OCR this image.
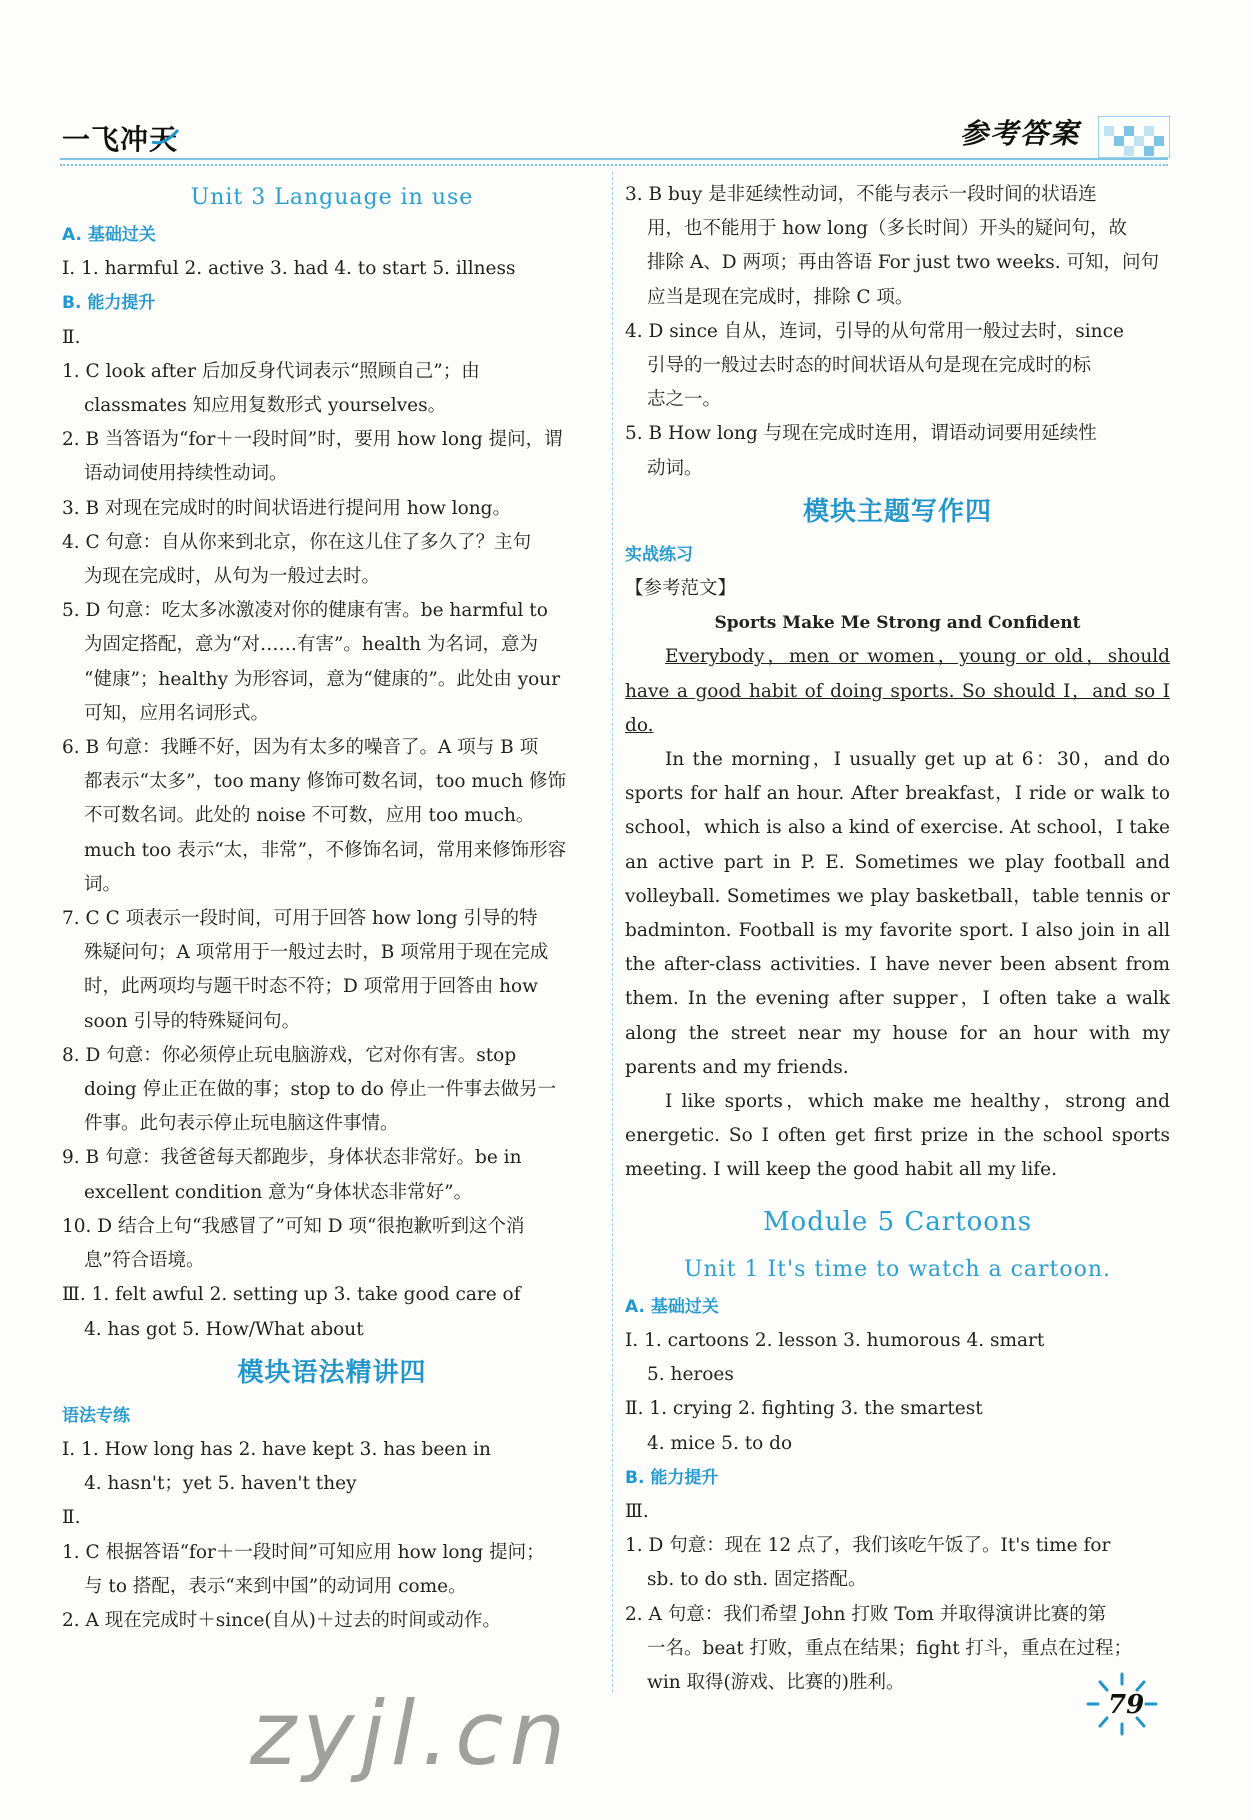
一飞冲天	参考答案
Unit 3 Language in use
A. 基础过关
Ⅰ. 1. harmful 2. active 3. had 4. to start 5. illness
B. 能力提升
Ⅱ.
1. C look after 后加反身代词表示“照顾自己”；由
classmates 知应用复数形式 yourselves。
2. B 当答语为“for＋一段时间”时，要用 how long 提问，谓
语动词使用持续性动词。
3. B 对现在完成时的时间状语进行提问用 how long。
4. C 句意：自从你来到北京，你在这儿住了多久了？主句
为现在完成时，从句为一般过去时。
5. D 句意：吃太多冰激凌对你的健康有害。be harmful to
为固定搭配，意为“对……有害”。health 为名词，意为
“健康”；healthy 为形容词，意为“健康的”。此处由 your
可知，应用名词形式。
6. B 句意：我睡不好，因为有太多的噪音了。A 项与 B 项
都表示“太多”，too many 修饰可数名词，too much 修饰
不可数名词。此处的 noise 不可数，应用 too much。
much too 表示“太，非常”，不修饰名词，常用来修饰形容
词。
7. C C 项表示一段时间，可用于回答 how long 引导的特
殊疑问句；A 项常用于一般过去时，B 项常用于现在完成
时，此两项均与题干时态不符；D 项常用于回答由 how
soon 引导的特殊疑问句。
8. D 句意：你必须停止玩电脑游戏，它对你有害。stop
doing 停止正在做的事；stop to do 停止一件事去做另一
件事。此句表示停止玩电脑这件事情。
9. B 句意：我爸爸每天都跑步，身体状态非常好。be in
excellent condition 意为“身体状态非常好”。
10. D 结合上句“我感冒了”可知 D 项“很抱歉听到这个消
息”符合语境。
Ⅲ. 1. felt awful 2. setting up 3. take good care of
4. has got 5. How/What about
模块语法精讲四
语法专练
Ⅰ. 1. How long has 2. have kept 3. has been in
4. hasn't；yet 5. haven't they
Ⅱ.
1. C 根据答语“for＋一段时间”可知应用 how long 提问；
与 to 搭配，表示“来到中国”的动词用 come。
2. A 现在完成时＋since(自从)＋过去的时间或动作。
3. B buy 是非延续性动词，不能与表示一段时间的状语连
用，也不能用于 how long（多长时间）开头的疑问句，故
排除 A、D 两项；再由答语 For just two weeks. 可知，问句
应当是现在完成时，排除 C 项。
4. D since 自从，连词，引导的从句常用一般过去时，since
引导的一般过去时态的时间状语从句是现在完成时的标
志之一。
5. B How long 与现在完成时连用，谓语动词要用延续性
动词。
模块主题写作四
实战练习
【参考范文】
Sports Make Me Strong and Confident

Everybody，men or women，young or old，should have a good habit of doing sports. So should I，and so I do.

In the morning，I usually get up at 6：30，and do sports for half an hour. After breakfast，I ride or walk to school，which is also a kind of exercise. At school，I take an active part in P. E. Sometimes we play football and volleyball. Sometimes we play basketball，table tennis or badminton. Football is my favorite sport. I also join in all the after-class activities. I have never been absent from them. In the evening after supper，I often take a walk along the street near my house for an hour with my parents and my friends.

I like sports，which make me healthy，strong and energetic. So I often get first prize in the school sports meeting. I will keep the good habit all my life.

Module 5 Cartoons
Unit 1 It's time to watch a cartoon.
A. 基础过关
Ⅰ. 1. cartoons 2. lesson 3. humorous 4. smart
5. heroes
Ⅱ. 1. crying 2. fighting 3. the smartest
4. mice 5. to do
B. 能力提升
Ⅲ.
1. D 句意：现在 12 点了，我们该吃午饭了。It's time for
sb. to do sth. 固定搭配。
2. A 句意：我们希望 John 打败 Tom 并取得演讲比赛的第
一名。beat 打败，重点在结果；fight 打斗，重点在过程；
win 取得(游戏、比赛的)胜利。
zyjl.cn	79
